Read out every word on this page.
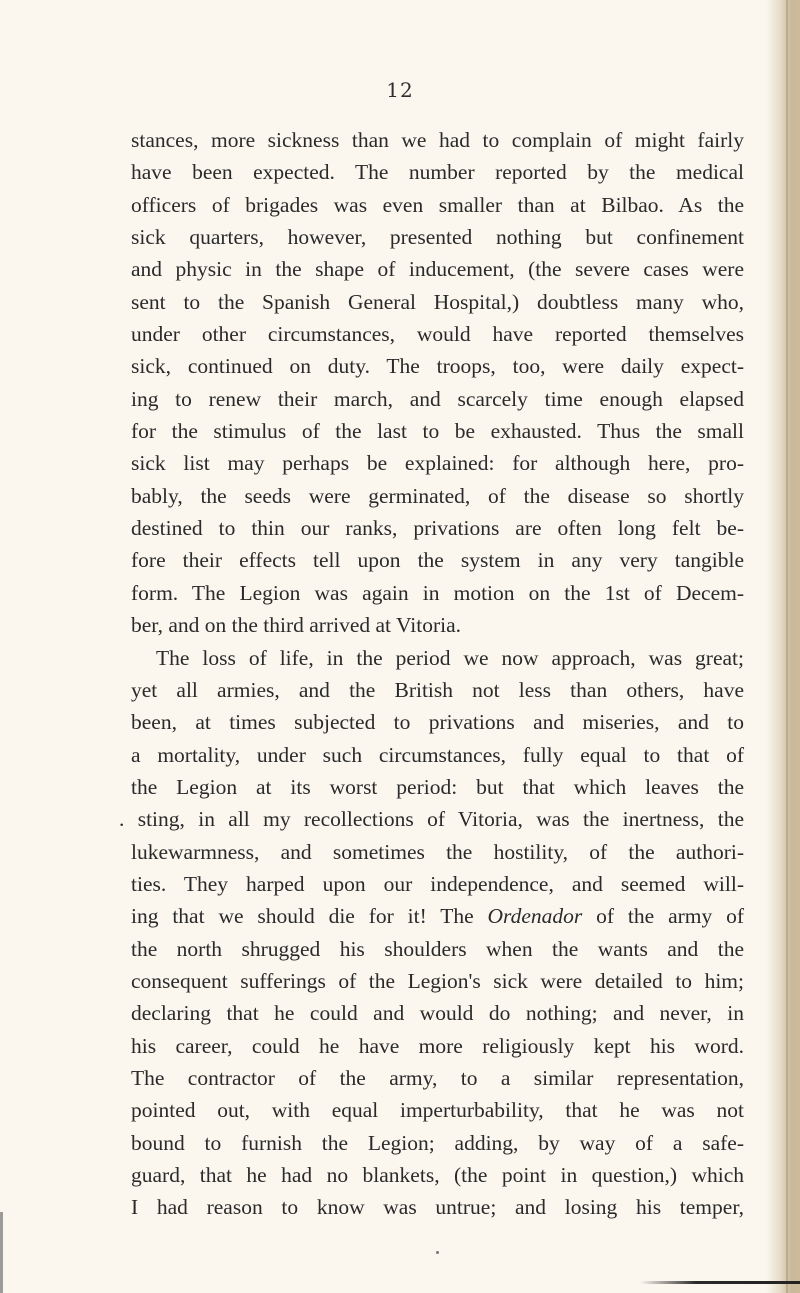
12
stances, more sickness than we had to complain of might fairly
have been expected. The number reported by the medical
officers of brigades was even smaller than at Bilbao. As the
sick quarters, however, presented nothing but confinement
and physic in the shape of inducement, (the severe cases were
sent to the Spanish General Hospital,) doubtless many who,
under other circumstances, would have reported themselves
sick, continued on duty. The troops, too, were daily expect-
ing to renew their march, and scarcely time enough elapsed
for the stimulus of the last to be exhausted. Thus the small
sick list may perhaps be explained: for although here, pro-
bably, the seeds were germinated, of the disease so shortly
destined to thin our ranks, privations are often long felt be-
fore their effects tell upon the system in any very tangible
form. The Legion was again in motion on the 1st of Decem-
ber, and on the third arrived at Vitoria.
The loss of life, in the period we now approach, was great;
yet all armies, and the British not less than others, have
been, at times subjected to privations and miseries, and to
a mortality, under such circumstances, fully equal to that of
the Legion at its worst period: but that which leaves the
. sting, in all my recollections of Vitoria, was the inertness, the
lukewarmness, and sometimes the hostility, of the authori-
ties. They harped upon our independence, and seemed will-
ing that we should die for it! The Ordenador of the army of
the north shrugged his shoulders when the wants and the
consequent sufferings of the Legion's sick were detailed to him;
declaring that he could and would do nothing; and never, in
his career, could he have more religiously kept his word.
The contractor of the army, to a similar representation,
pointed out, with equal imperturbability, that he was not
bound to furnish the Legion; adding, by way of a safe-
guard, that he had no blankets, (the point in question,) which
I had reason to know was untrue; and losing his temper,
